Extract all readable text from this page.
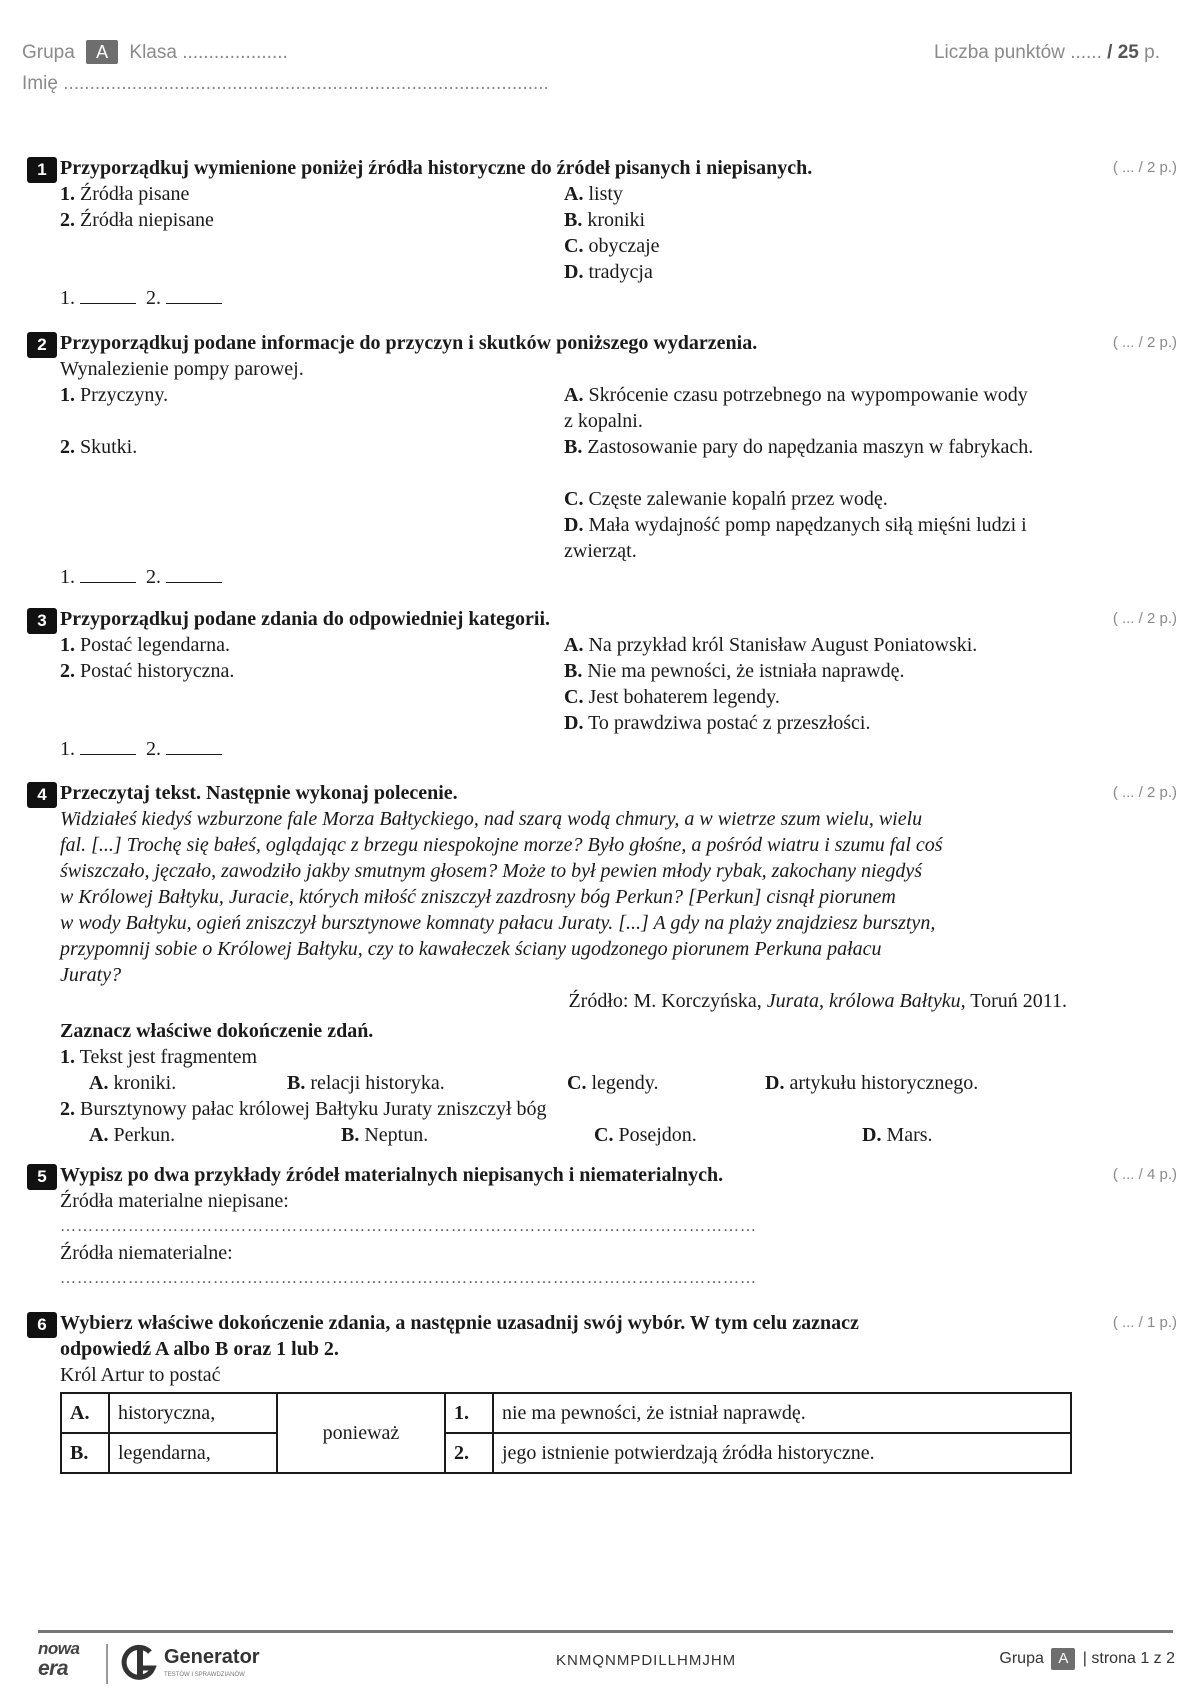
Grupa A Klasa ....................
Imię ............................................................................................
Liczba punktów ...... / 25 p.
1 Przyporządkuj wymienione poniżej źródła historyczne do źródeł pisanych i niepisanych.	( ... / 2 p.)
1. Źródła pisane
2. Źródła niepisane
A. listy
B. kroniki
C. obyczaje
D. tradycja
1.	2.
2 Przyporządkuj podane informacje do przyczyn i skutków poniższego wydarzenia.	( ... / 2 p.)
Wynalezienie pompy parowej.
1. Przyczyny.
2. Skutki.
A. Skrócenie czasu potrzebnego na wypompowanie wody z kopalni.
B. Zastosowanie pary do napędzania maszyn w fabrykach.
C. Częste zalewanie kopalń przez wodę.
D. Mała wydajność pomp napędzanych siłą mięśni ludzi i zwierząt.
1.	2.
3 Przyporządkuj podane zdania do odpowiedniej kategorii.	( ... / 2 p.)
1. Postać legendarna.
2. Postać historyczna.
A. Na przykład król Stanisław August Poniatowski.
B. Nie ma pewności, że istniała naprawdę.
C. Jest bohaterem legendy.
D. To prawdziwa postać z przeszłości.
1.	2.
4 Przeczytaj tekst. Następnie wykonaj polecenie.	( ... / 2 p.)
Widziałeś kiedyś wzburzone fale Morza Bałtyckiego, nad szarą wodą chmury, a w wietrze szum wielu, wielu
fal. [...] Trochę się bałeś, oglądając z brzegu niespokojne morze? Było głośne, a pośród wiatru i szumu fal coś
świszczało, jęczało, zawodziło jakby smutnym głosem? Może to był pewien młody rybak, zakochany niegdyś
w Królowej Bałtyku, Juracie, których miłość zniszczył zazdrosny bóg Perkun? [Perkun] cisnął piorunem
w wody Bałtyku, ogień zniszczył bursztynowe komnaty pałacu Juraty. [...] A gdy na plaży znajdziesz bursztyn,
przypomnij sobie o Królowej Bałtyku, czy to kawałeczek ściany ugodzonego piorunem Perkuna pałacu
Juraty?
Źródło: M. Korczyńska, Jurata, królowa Bałtyku, Toruń 2011.
Zaznacz właściwe dokończenie zdań.
1. Tekst jest fragmentem
A. kroniki.	B. relacji historyka.	C. legendy.	D. artykułu historycznego.
2. Bursztynowy pałac królowej Bałtyku Juraty zniszczył bóg
A. Perkun.	B. Neptun.	C. Posejdon.	D. Mars.
5 Wypisz po dwa przykłady źródeł materialnych niepisanych i niematerialnych.	( ... / 4 p.)
Źródła materialne niepisane:
……………………………………………………………………………………………………………
Źródła niematerialne:
……………………………………………………………………………………………………………
6 Wybierz właściwe dokończenie zdania, a następnie uzasadnij swój wybór. W tym celu zaznacz
odpowiedź A albo B oraz 1 lub 2.
( ... / 1 p.)
Król Artur to postać
A.	historyczna,	ponieważ	1.	nie ma pewności, że istniał naprawdę.
B.	legendarna,		2.	jego istnienie potwierdzają źródła historyczne.
nowa
era	Generator
TESTÓW I SPRAWDZIANÓW
KNMQNMPDILLHMJHM	Grupa A | strona 1 z 2
